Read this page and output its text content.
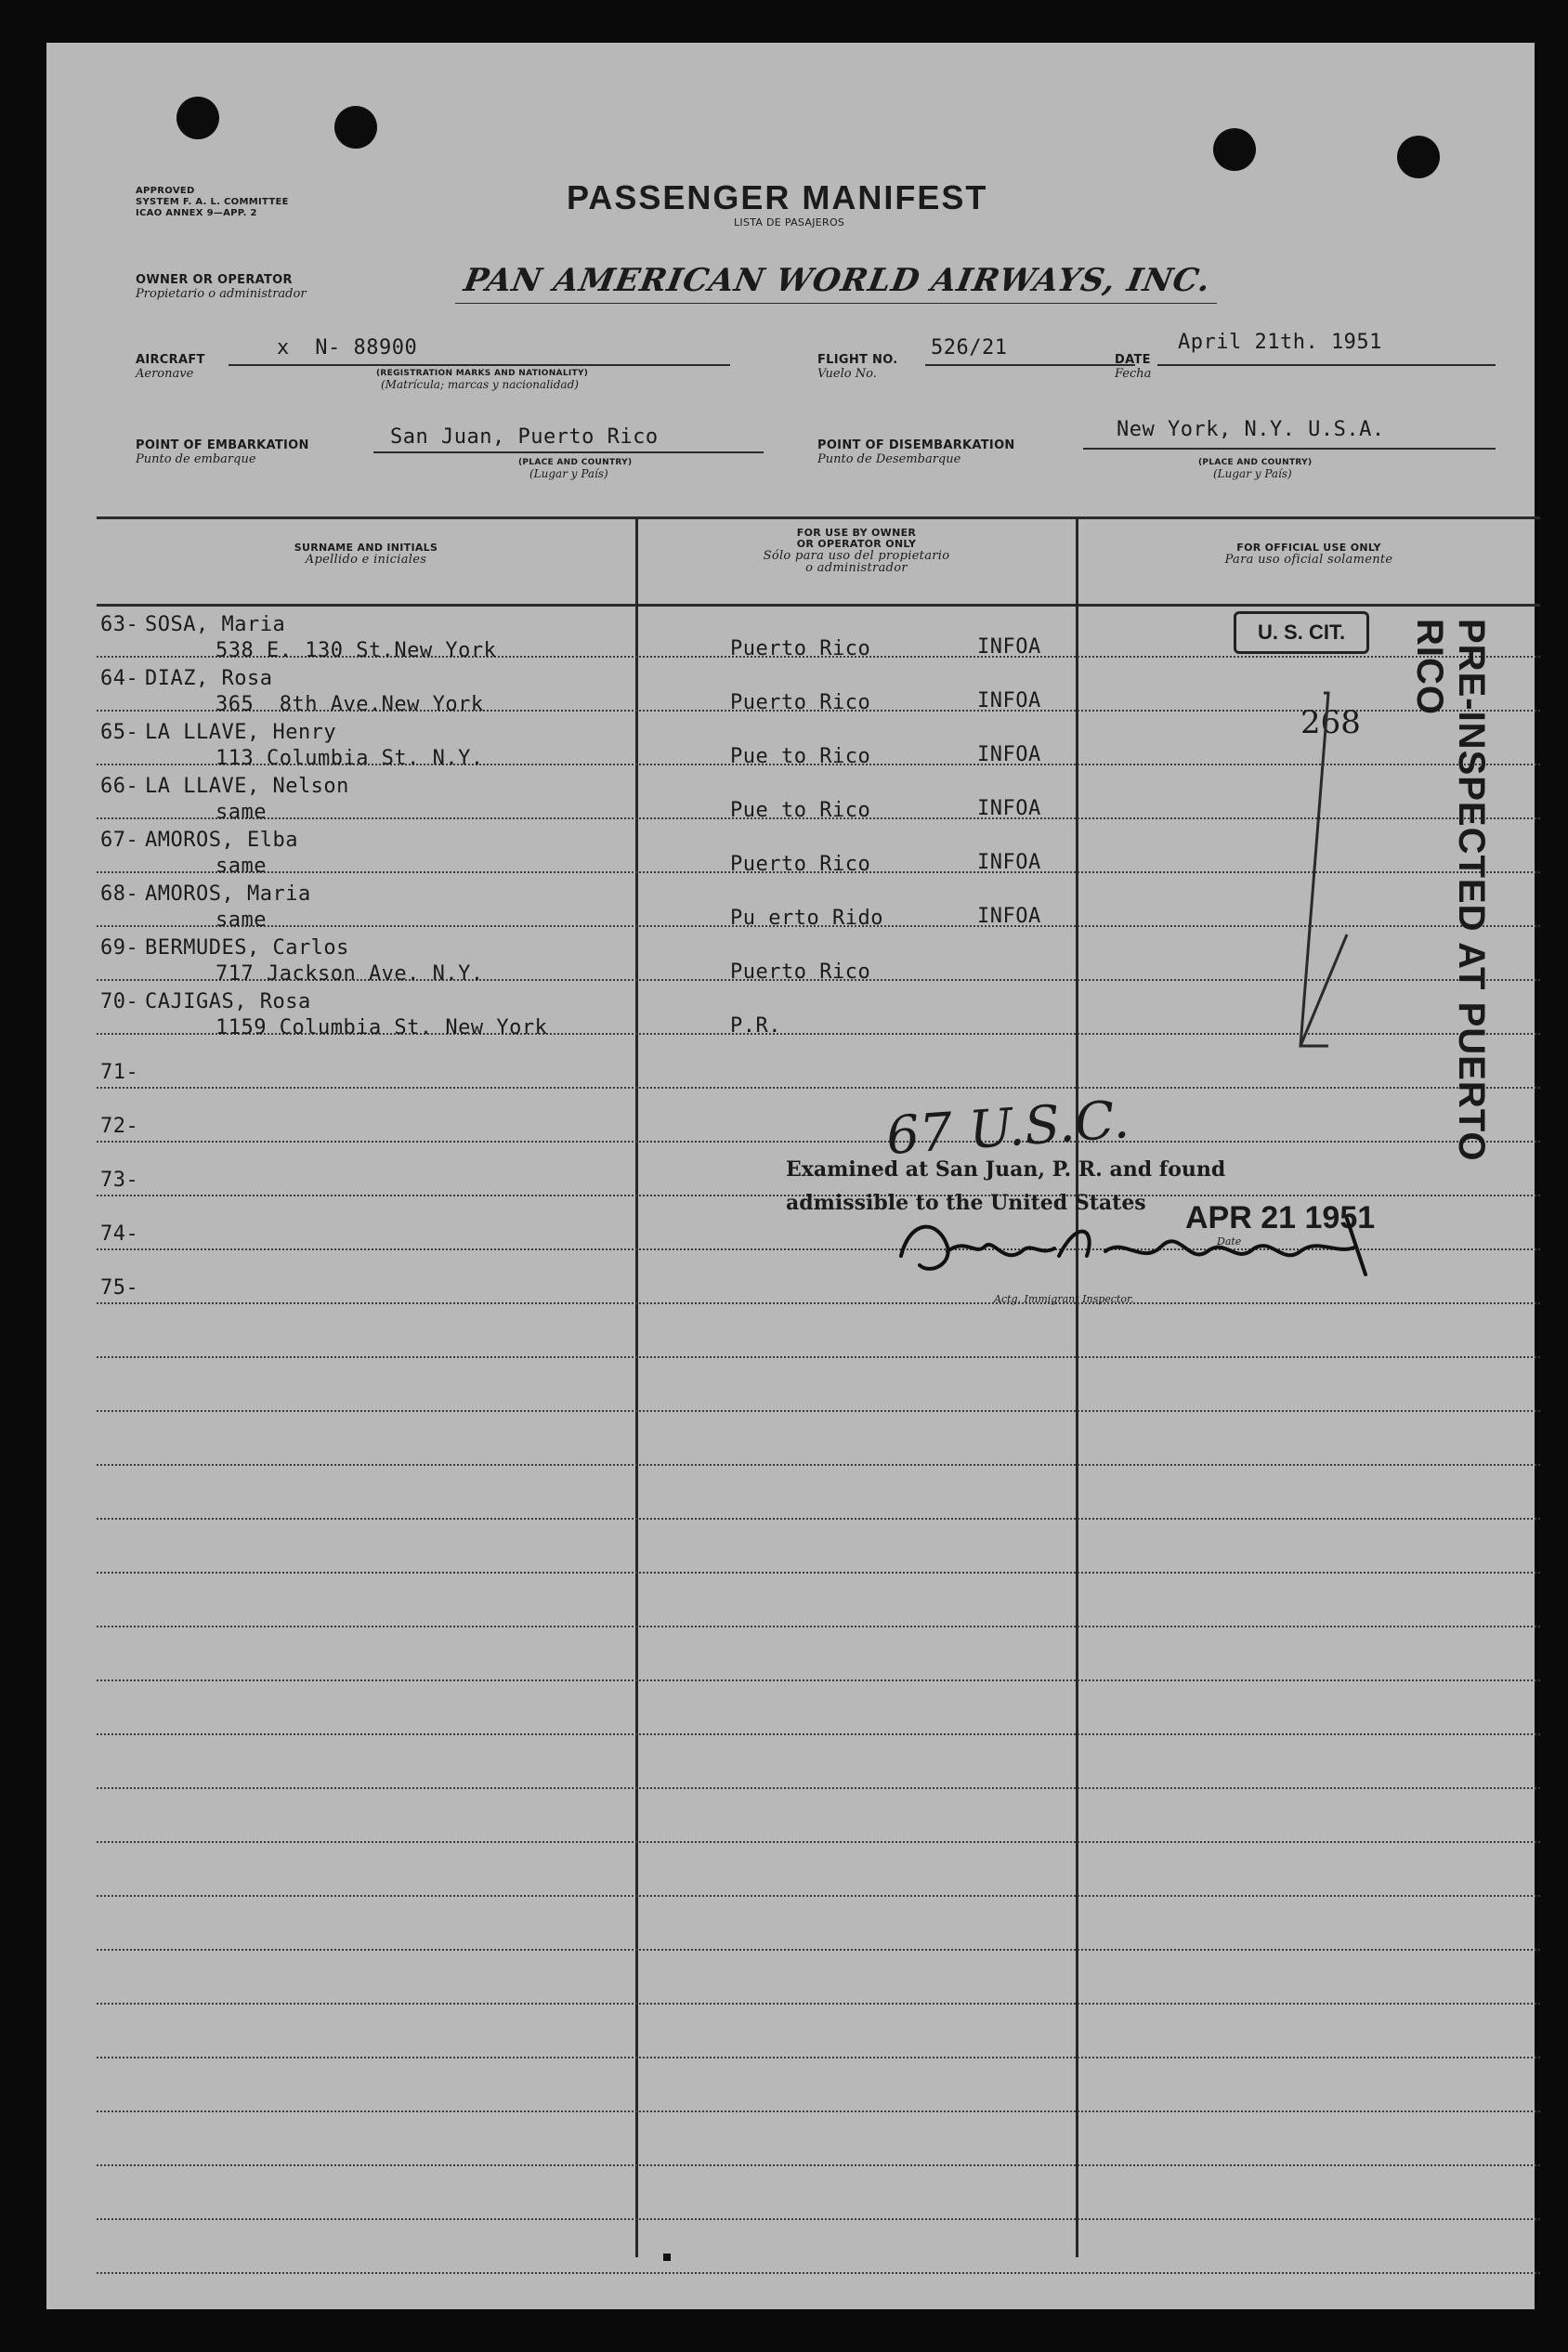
APPROVED
SYSTEM F. A. L. COMMITTEE
ICAO ANNEX 9—APP. 2	PASSENGER MANIFEST
LISTA DE PASAJEROS
OWNER OR OPERATOR
Propietario o administrador	PAN AMERICAN WORLD AIRWAYS, INC.
AIRCRAFT
Aeronave
x  N- 88900
(REGISTRATION MARKS AND NATIONALITY)
(Matrícula; marcas y nacionalidad)
FLIGHT NO.
Vuelo No.
526/21
DATE
Fecha
April 21th. 1951
POINT OF EMBARKATION
Punto de embarque
San Juan, Puerto Rico
(PLACE AND COUNTRY)
(Lugar y País)
POINT OF DISEMBARKATION
Punto de Desembarque
New York, N.Y. U.S.A.
(PLACE AND COUNTRY)
(Lugar y País)
SURNAME AND INITIALS
Apellido e iniciales
FOR USE BY OWNER
OR OPERATOR ONLY
Sólo para uso del propietario
o administrador
FOR OFFICIAL USE ONLY
Para uso oficial solamente
63- SOSA, Maria
538 E. 130 St.New York	Puerto Rico	INFOA
64- DIAZ, Rosa
365  8th Ave.New York	Puerto Rico	INFOA
65- LA LLAVE, Henry
113 Columbia St. N.Y.	Pue to Rico	INFOA
66- LA LLAVE, Nelson
same	Pue to Rico	INFOA
67- AMOROS, Elba
same	Puerto Rico	INFOA
68- AMOROS, Maria
same	Pu erto Rido	INFOA
69- BERMUDES, Carlos
717 Jackson Ave. N.Y.	Puerto Rico
70- CAJIGAS, Rosa
1159 Columbia St. New York	P.R.
71-
72-
73-
74-
75-
U. S. CIT.
268	PRE-INSPECTED AT PUERTO RICO
67 U.S.C.
Examined at San Juan, P. R. and found
admissible to the United States APR 21 1951
Date
Actg. Immigrant Inspector.
